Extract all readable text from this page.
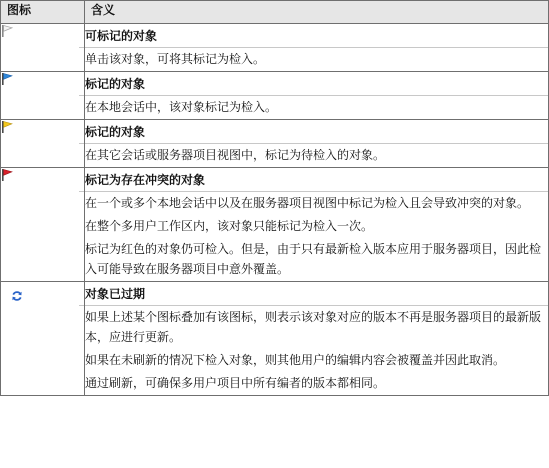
图标	含义

可标记的对象
单击该对象，可将其标记为检入。

标记的对象
在本地会话中，该对象标记为检入。

标记的对象
在其它会话或服务器项目视图中，标记为待检入的对象。

标记为存在冲突的对象
在一个或多个本地会话中以及在服务器项目视图中标记为检入且会导致冲突的对象。
在整个多用户工作区内，该对象只能标记为检入一次。
标记为红色的对象仍可检入。但是，由于只有最新检入版本应用于服务器项目，因此检入可能导致在服务器项目中意外覆盖。

对象已过期
如果上述某个图标叠加有该图标，则表示该对象对应的版本不再是服务器项目的最新版本，应进行更新。
如果在未刷新的情况下检入对象，则其他用户的编辑内容会被覆盖并因此取消。
通过刷新，可确保多用户项目中所有编者的版本都相同。
